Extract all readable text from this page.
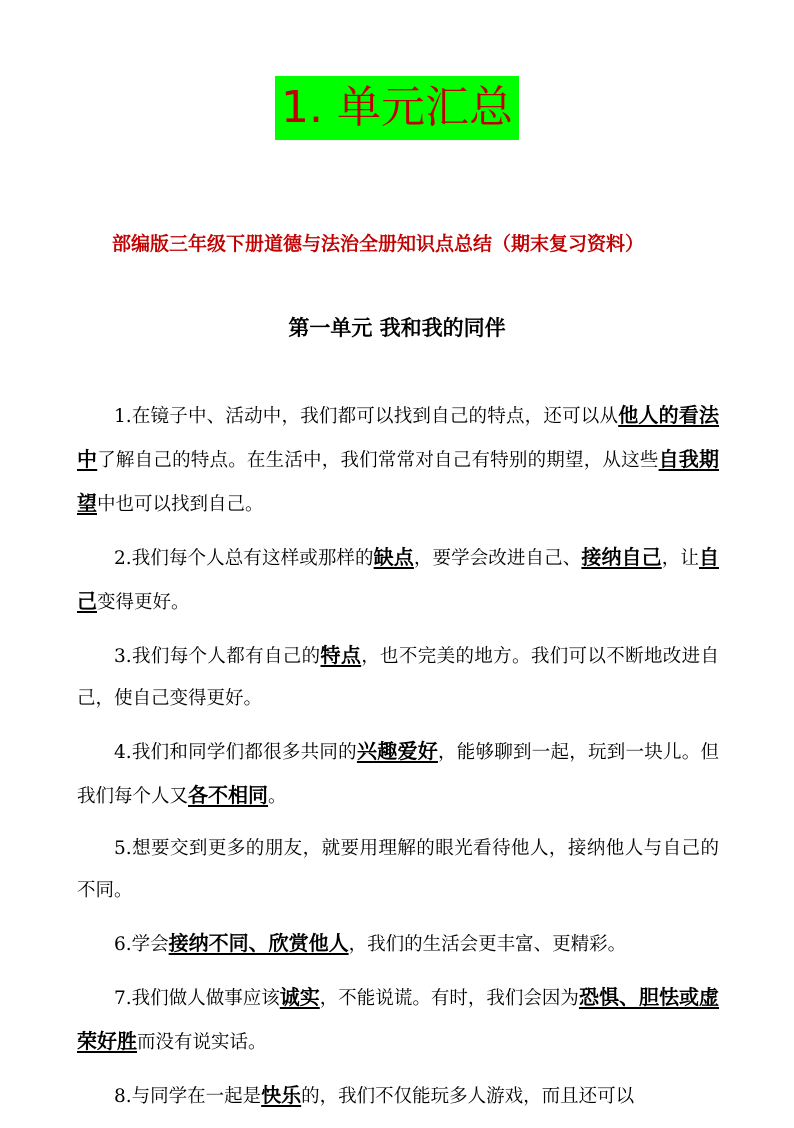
1. 单元汇总
部编版三年级下册道德与法治全册知识点总结（期末复习资料）
第一单元 我和我的同伴

1.在镜子中、活动中，我们都可以找到自己的特点，还可以从他人的看法中了解自己的特点。在生活中，我们常常对自己有特别的期望，从这些自我期望中也可以找到自己。

2.我们每个人总有这样或那样的缺点，要学会改进自己、接纳自己，让自己变得更好。

3.我们每个人都有自己的特点，也不完美的地方。我们可以不断地改进自己，使自己变得更好。

4.我们和同学们都很多共同的兴趣爱好，能够聊到一起，玩到一块儿。但我们每个人又各不相同。

5.想要交到更多的朋友，就要用理解的眼光看待他人，接纳他人与自己的不同。

6.学会接纳不同、欣赏他人，我们的生活会更丰富、更精彩。

7.我们做人做事应该诚实，不能说谎。有时，我们会因为恐惧、胆怯或虚荣好胜而没有说实话。

8.与同学在一起是快乐的，我们不仅能玩多人游戏，而且还可以
